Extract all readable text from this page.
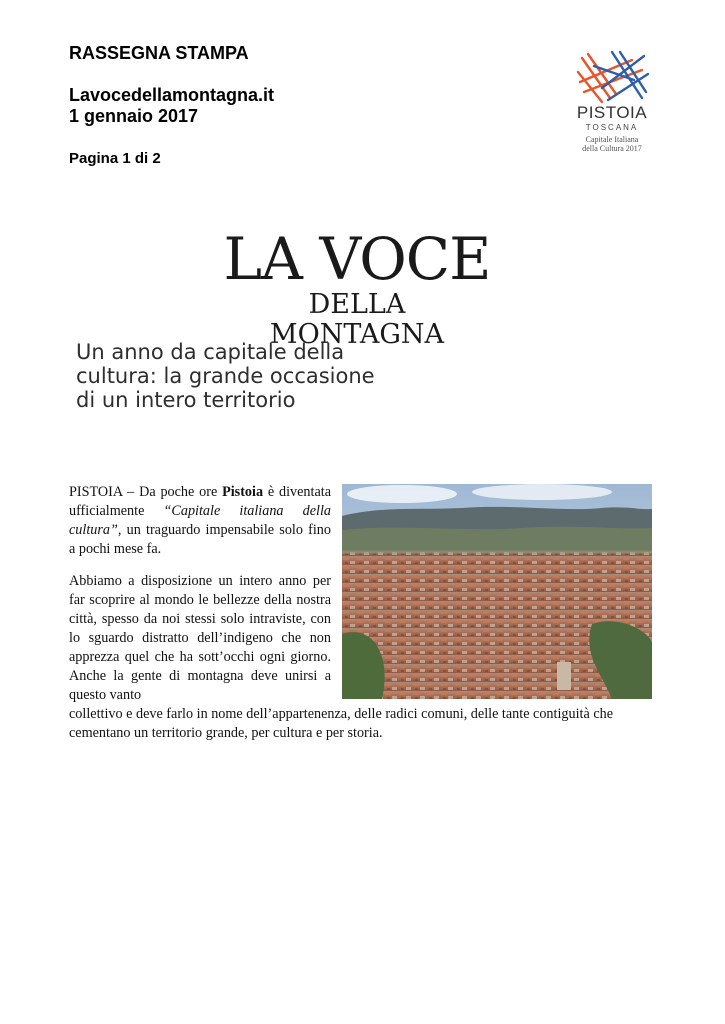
RASSEGNA STAMPA
Lavocedellamontagna.it
1 gennaio 2017
Pagina 1 di 2
PISTOIA
TOSCANA
Capitale Italiana
della Cultura 2017
LA VOCE
DELLA MONTAGNA
Un anno da capitale della
cultura: la grande occasione
di un intero territorio
PISTOIA – Da poche ore Pistoia è diventata ufficialmente “Capitale italiana della cultura”, un traguardo impensabile solo fino a pochi mese fa.
Abbiamo a disposizione un intero anno per far scoprire al mondo le bellezze della nostra città, spesso da noi stessi solo intraviste, con lo sguardo distratto dell’indigeno che non apprezza quel che ha sott’occhi ogni giorno. Anche la gente di montagna deve unirsi a questo vanto
collettivo e deve farlo in nome dell’appartenenza, delle radici comuni, delle tante contiguità che cementano un territorio grande, per cultura e per storia.
